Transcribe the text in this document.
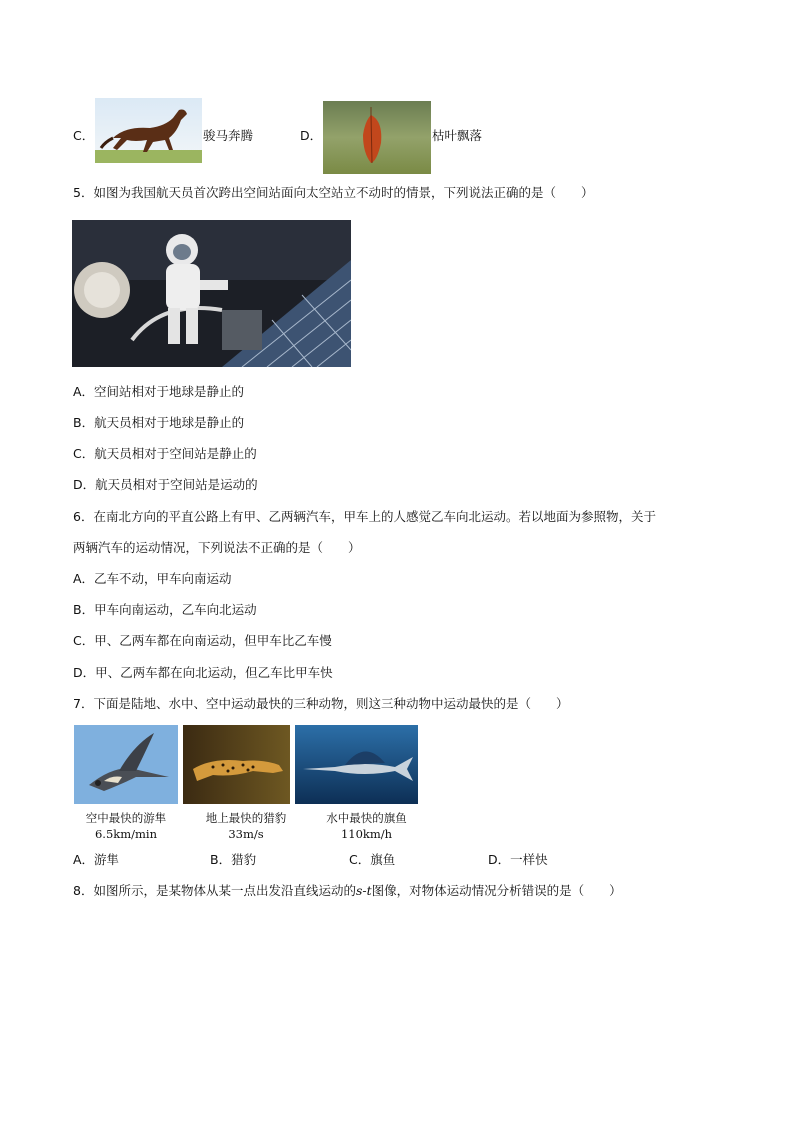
C．	骏马奔腾	D．	枯叶飘落
5．如图为我国航天员首次跨出空间站面向太空站立不动时的情景，下列说法正确的是（　　）
A．空间站相对于地球是静止的
B．航天员相对于地球是静止的
C．航天员相对于空间站是静止的
D．航天员相对于空间站是运动的
6．在南北方向的平直公路上有甲、乙两辆汽车，甲车上的人感觉乙车向北运动。若以地面为参照物，关于
两辆汽车的运动情况，下列说法不正确的是（　　）
A．乙车不动，甲车向南运动
B．甲车向南运动，乙车向北运动
C．甲、乙两车都在向南运动，但甲车比乙车慢
D．甲、乙两车都在向北运动，但乙车比甲车快
7．下面是陆地、水中、空中运动最快的三种动物，则这三种动物中运动最快的是（　　）
空中最快的游隼
6.5km/min
地上最快的猎豹
33m/s
水中最快的旗鱼
110km/h
A．游隼	B．猎豹	C．旗鱼	D．一样快
8．如图所示，是某物体从某一点出发沿直线运动的s-t图像，对物体运动情况分析错误的是（　　）
